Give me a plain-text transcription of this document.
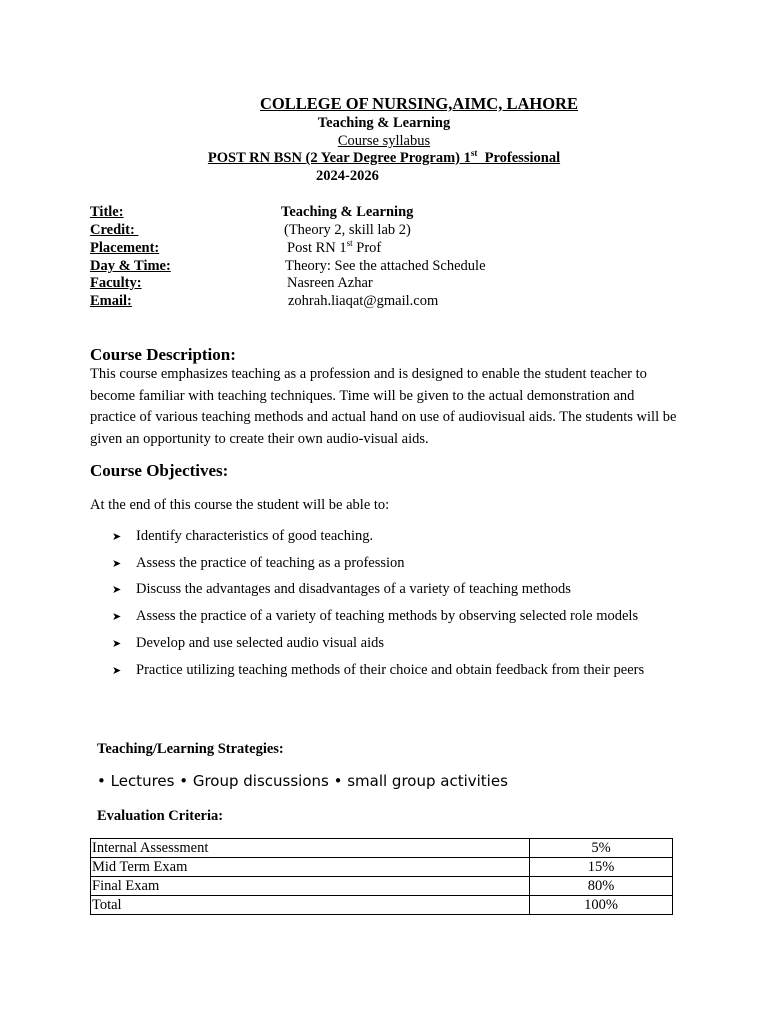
COLLEGE OF NURSING,AIMC, LAHORE
Teaching & Learning
Course syllabus
POST RN BSN (2 Year Degree Program) 1st  Professional
2024-2026
Title:	Teaching & Learning
Credit:	(Theory 2, skill lab 2)
Placement:	Post RN 1st Prof
Day & Time:	Theory: See the attached Schedule
Faculty:	Nasreen Azhar
Email:	zohrah.liaqat@gmail.com
Course Description:
This course emphasizes teaching as a profession and is designed to enable the student teacher to become familiar with teaching techniques. Time will be given to the actual demonstration and practice of various teaching methods and actual hand on use of audiovisual aids. The students will be given an opportunity to create their own audio-visual aids.
Course Objectives:
At the end of this course the student will be able to:
➤ Identify characteristics of good teaching.
➤ Assess the practice of teaching as a profession
➤ Discuss the advantages and disadvantages of a variety of teaching methods
➤ Assess the practice of a variety of teaching methods by observing selected role models
➤ Develop and use selected audio visual aids
➤ Practice utilizing teaching methods of their choice and obtain feedback from their peers
Teaching/Learning Strategies:
• Lectures • Group discussions • small group activities
Evaluation Criteria:
Internal Assessment	5%
Mid Term Exam	15%
Final Exam	80%
Total	100%
